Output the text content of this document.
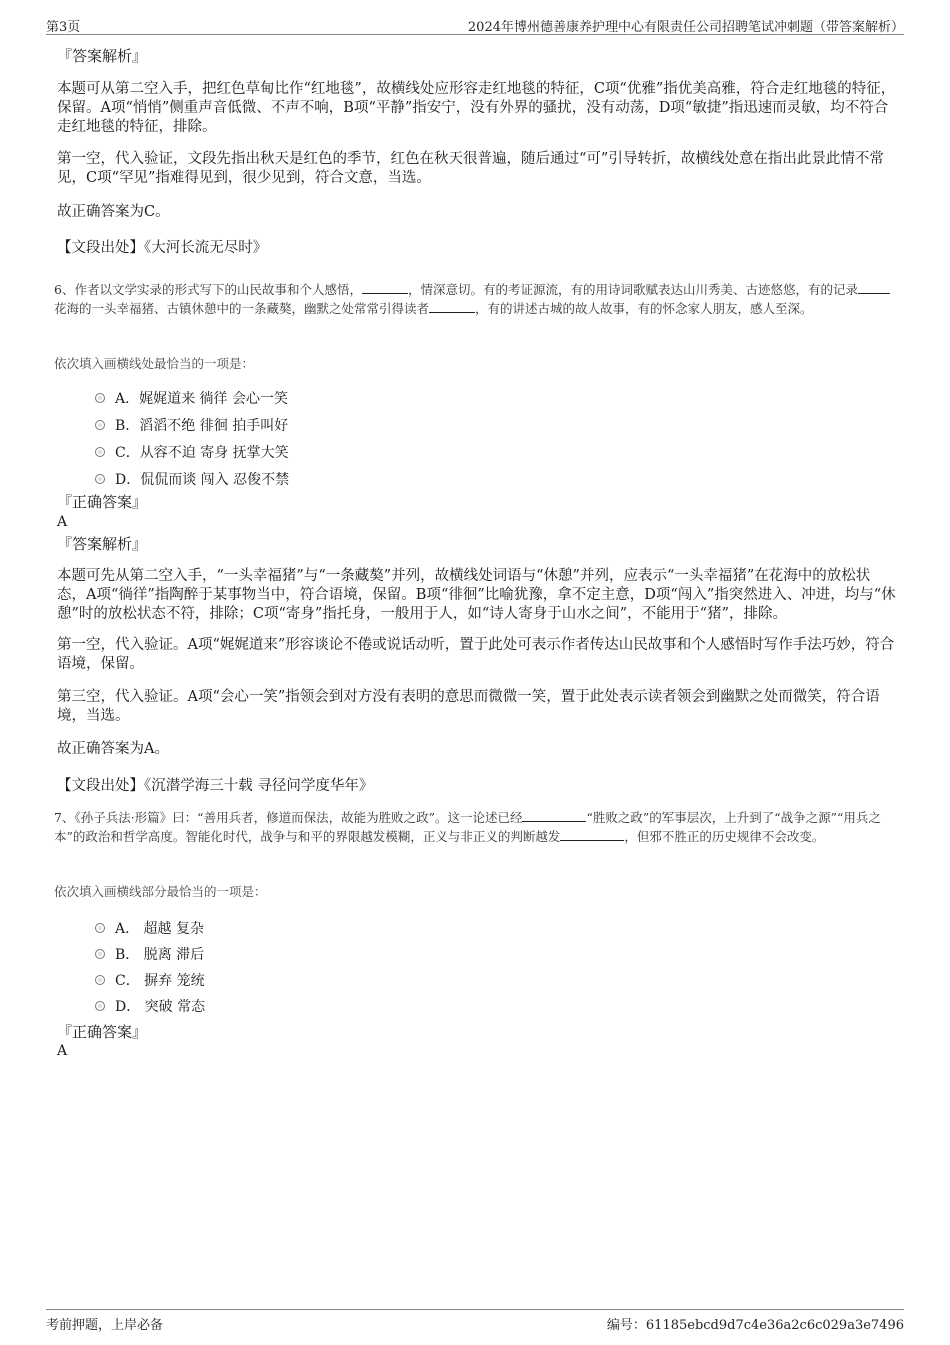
第3页	2024年博州德善康养护理中心有限责任公司招聘笔试冲刺题（带答案解析）
『答案解析』
本题可从第二空入手，把红色草甸比作“红地毯”，故横线处应形容走红地毯的特征，C项“优雅”指优美高雅，符合走红地毯的特征，保留。A项“悄悄”侧重声音低微、不声不响，B项“平静”指安宁，没有外界的骚扰，没有动荡，D项“敏捷”指迅速而灵敏，均不符合走红地毯的特征，排除。
第一空，代入验证，文段先指出秋天是红色的季节，红色在秋天很普遍，随后通过“可”引导转折，故横线处意在指出此景此情不常见，C项“罕见”指难得见到，很少见到，符合文意，当选。
故正确答案为C。
【文段出处】《大河长流无尽时》
6、作者以文学实录的形式写下的山民故事和个人感悟，	，情深意切。有的考证源流，有的用诗词歌赋表达山川秀美、古迹悠悠，有的记录花海的一头幸福猪、古镇休憩中的一条藏獒，幽默之处常常引得读者	，有的讲述古城的故人故事，有的怀念家人朋友，感人至深。
依次填入画横线处最恰当的一项是：
A．娓娓道来 徜徉 会心一笑
B．滔滔不绝 徘徊 拍手叫好
C．从容不迫 寄身 抚掌大笑
D．侃侃而谈 闯入 忍俊不禁
『正确答案』
A
『答案解析』
本题可先从第二空入手，“一头幸福猪”与“一条藏獒”并列，故横线处词语与“休憩”并列，应表示“一头幸福猪”在花海中的放松状态，A项“徜徉”指陶醉于某事物当中，符合语境，保留。B项“徘徊”比喻犹豫，拿不定主意，D项“闯入”指突然进入、冲进，均与“休憩”时的放松状态不符，排除；C项“寄身”指托身，一般用于人，如“诗人寄身于山水之间”，不能用于“猪”，排除。
第一空，代入验证。A项“娓娓道来”形容谈论不倦或说话动听，置于此处可表示作者传达山民故事和个人感悟时写作手法巧妙，符合语境，保留。
第三空，代入验证。A项“会心一笑”指领会到对方没有表明的意思而微微一笑，置于此处表示读者领会到幽默之处而微笑，符合语境，当选。
故正确答案为A。
【文段出处】《沉潜学海三十载 寻径问学度华年》
7、《孙子兵法·形篇》曰：“善用兵者，修道而保法，故能为胜败之政”。这一论述已经	“胜败之政”的军事层次，上升到了“战争之源”“用兵之本”的政治和哲学高度。智能化时代，战争与和平的界限越发模糊，正义与非正义的判断越发	，但邪不胜正的历史规律不会改变。
依次填入画横线部分最恰当的一项是：
A． 超越 复杂
B． 脱离 滞后
C． 摒弃 笼统
D． 突破 常态
『正确答案』
A
考前押题，上岸必备	编号：61185ebcd9d7c4e36a2c6c029a3e7496
